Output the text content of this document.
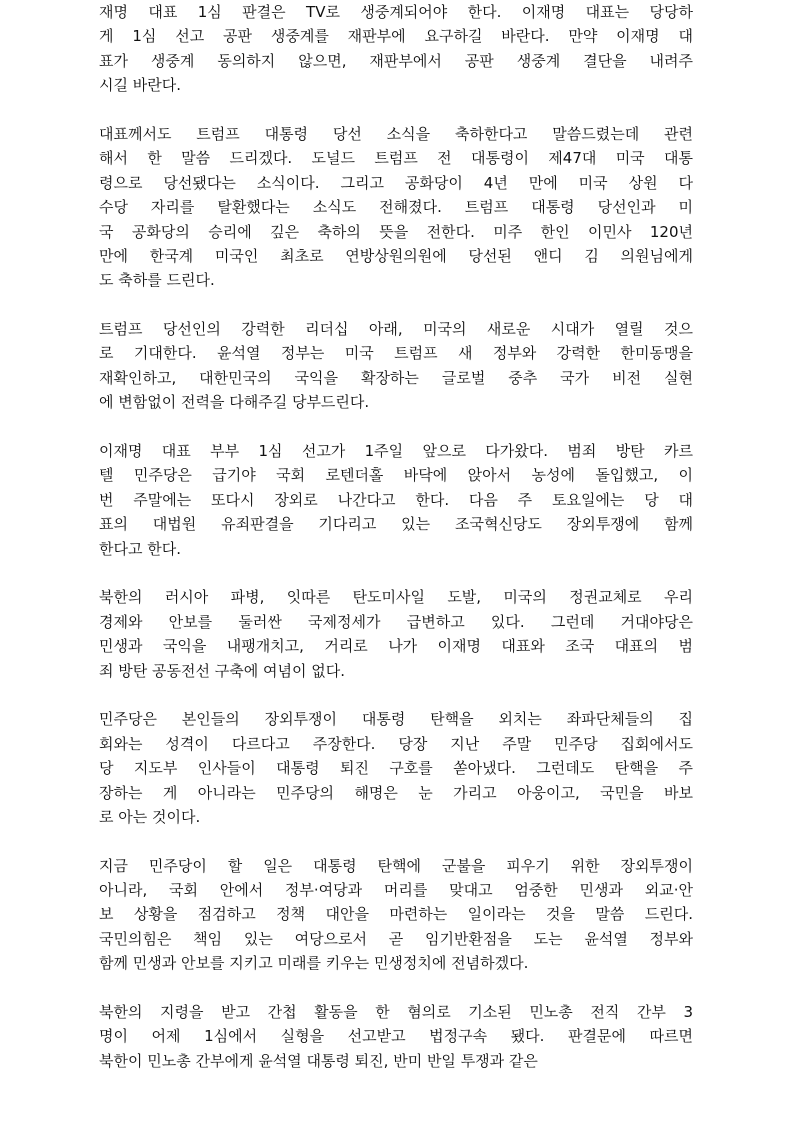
재명 대표 1심 판결은 TV로 생중계되어야 한다. 이재명 대표는 당당하
게 1심 선고 공판 생중계를 재판부에 요구하길 바란다. 만약 이재명 대
표가 생중계 동의하지 않으면, 재판부에서 공판 생중계 결단을 내려주
시길 바란다.
대표께서도 트럼프 대통령 당선 소식을 축하한다고 말씀드렸는데 관련
해서 한 말씀 드리겠다. 도널드 트럼프 전 대통령이 제47대 미국 대통
령으로 당선됐다는 소식이다. 그리고 공화당이 4년 만에 미국 상원 다
수당 자리를 탈환했다는 소식도 전해졌다. 트럼프 대통령 당선인과 미
국 공화당의 승리에 깊은 축하의 뜻을 전한다. 미주 한인 이민사 120년
만에 한국계 미국인 최초로 연방상원의원에 당선된 앤디 김 의원님에게
도 축하를 드린다.
트럼프 당선인의 강력한 리더십 아래, 미국의 새로운 시대가 열릴 것으
로 기대한다. 윤석열 정부는 미국 트럼프 새 정부와 강력한 한미동맹을
재확인하고, 대한민국의 국익을 확장하는 글로벌 중추 국가 비전 실현
에 변함없이 전력을 다해주길 당부드린다.
이재명 대표 부부 1심 선고가 1주일 앞으로 다가왔다. 범죄 방탄 카르
텔 민주당은 급기야 국회 로텐더홀 바닥에 앉아서 농성에 돌입했고, 이
번 주말에는 또다시 장외로 나간다고 한다. 다음 주 토요일에는 당 대
표의 대법원 유죄판결을 기다리고 있는 조국혁신당도 장외투쟁에 함께
한다고 한다.
북한의 러시아 파병, 잇따른 탄도미사일 도발, 미국의 정권교체로 우리
경제와 안보를 둘러싼 국제정세가 급변하고 있다. 그런데 거대야당은
민생과 국익을 내팽개치고, 거리로 나가 이재명 대표와 조국 대표의 범
죄 방탄 공동전선 구축에 여념이 없다.
민주당은 본인들의 장외투쟁이 대통령 탄핵을 외치는 좌파단체들의 집
회와는 성격이 다르다고 주장한다. 당장 지난 주말 민주당 집회에서도
당 지도부 인사들이 대통령 퇴진 구호를 쏟아냈다. 그런데도 탄핵을 주
장하는 게 아니라는 민주당의 해명은 눈 가리고 아웅이고, 국민을 바보
로 아는 것이다.
지금 민주당이 할 일은 대통령 탄핵에 군불을 피우기 위한 장외투쟁이
아니라, 국회 안에서 정부·여당과 머리를 맞대고 엄중한 민생과 외교·안
보 상황을 점검하고 정책 대안을 마련하는 일이라는 것을 말씀 드린다.
국민의힘은 책임 있는 여당으로서 곧 임기반환점을 도는 윤석열 정부와
함께 민생과 안보를 지키고 미래를 키우는 민생정치에 전념하겠다.
북한의 지령을 받고 간첩 활동을 한 혐의로 기소된 민노총 전직 간부 3
명이 어제 1심에서 실형을 선고받고 법정구속 됐다. 판결문에 따르면
북한이 민노총 간부에게 윤석열 대통령 퇴진, 반미 반일 투쟁과 같은
